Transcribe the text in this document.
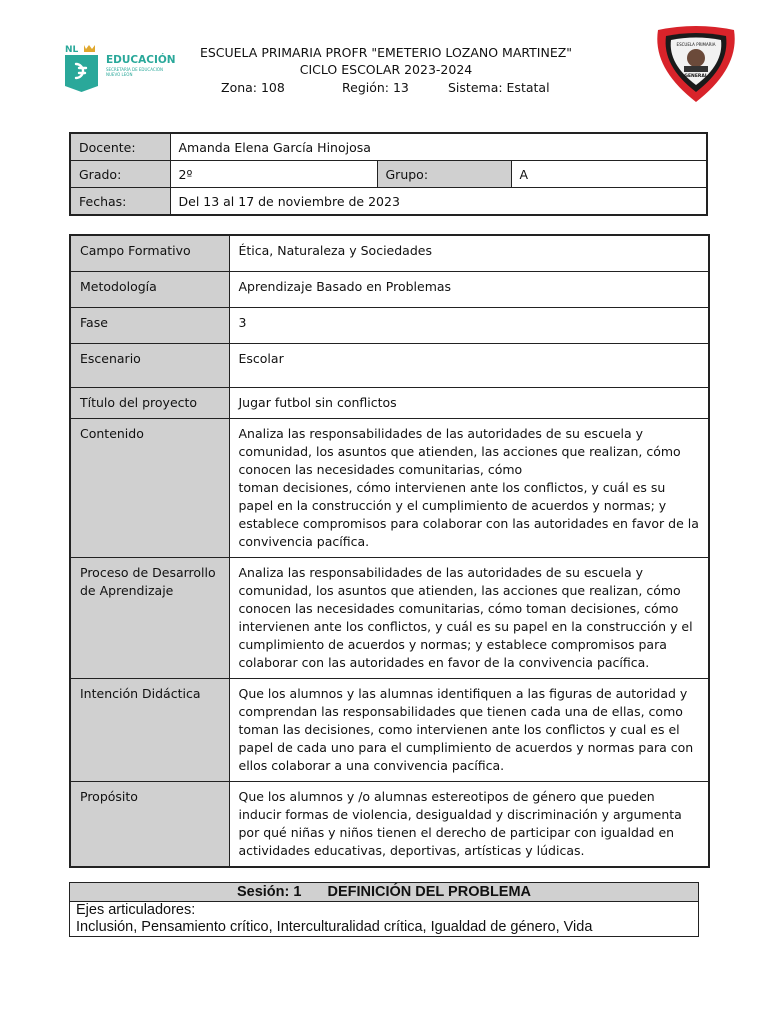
NL
EDUCACIÓN
SECRETARÍA DE EDUCACIÓN NUEVO LEÓN
ESCUELA PRIMARIA PROFR "EMETERIO LOZANO MARTINEZ"
CICLO ESCOLAR 2023-2024
Zona: 108	Región: 13	Sistema: Estatal
ESCUELA PRIMARIA
GENERAL
Docente:	Amanda Elena García Hinojosa		
Grado:	2º	Grupo:	A
Fechas:	Del 13 al 17 de noviembre de 2023		
Campo Formativo	Ética, Naturaleza y Sociedades
Metodología	Aprendizaje Basado en Problemas
Fase	3
Escenario	Escolar
Título del proyecto	Jugar futbol sin conflictos
Contenido	Analiza las responsabilidades de las autoridades de su escuela y comunidad, los asuntos que atienden, las acciones que realizan, cómo conocen las necesidades comunitarias, cómo
toman decisiones, cómo intervienen ante los conflictos, y cuál es su papel en la construcción y el cumplimiento de acuerdos y normas; y establece compromisos para colaborar con las autoridades en favor de la convivencia pacífica.
Proceso de Desarrollo de Aprendizaje	Analiza las responsabilidades de las autoridades de su escuela y comunidad, los asuntos que atienden, las acciones que realizan, cómo conocen las necesidades comunitarias, cómo toman decisiones, cómo intervienen ante los conflictos, y cuál es su papel en la construcción y el cumplimiento de acuerdos y normas; y establece compromisos para colaborar con las autoridades en favor de la convivencia pacífica.
Intención Didáctica	Que los alumnos y las alumnas identifiquen a las figuras de autoridad y comprendan las responsabilidades que tienen cada una de ellas, como toman las decisiones, como intervienen ante los conflictos y cual es el papel de cada uno para el cumplimiento de acuerdos y normas para con ellos colaborar a una convivencia pacífica.
Propósito	Que los alumnos y /o alumnas estereotipos de género que pueden inducir formas de violencia, desigualdad y discriminación y argumenta por qué niñas y niños tienen el derecho de participar con igualdad en actividades educativas, deportivas, artísticas y lúdicas.
Sesión: 1 DEFINICIÓN DEL PROBLEMA

Ejes articuladores:
Inclusión, Pensamiento crítico, Interculturalidad crítica, Igualdad de género, Vida
